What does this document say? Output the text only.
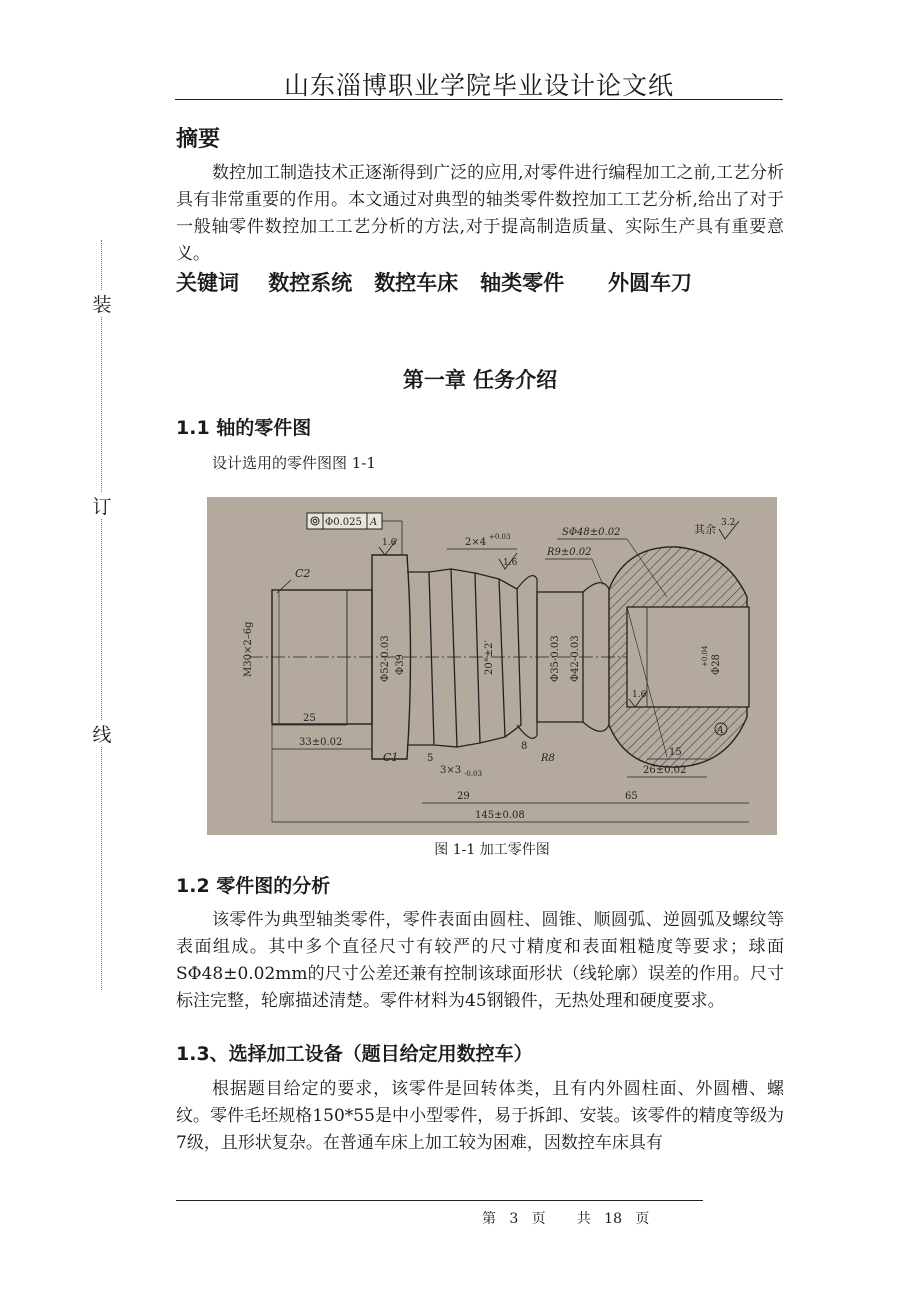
山东淄博职业学院毕业设计论文纸
装
订
线
摘要

数控加工制造技术正逐渐得到广泛的应用,对零件进行编程加工之前,工艺分析具有非常重要的作用。本文通过对典型的轴类零件数控加工工艺分析,给出了对于一般轴零件数控加工工艺分析的方法,对于提高制造质量、实际生产具有重要意义。

关键词 数控系统 数控车床 轴类零件 外圆车刀
第一章 任务介绍
1.1 轴的零件图
设计选用的零件图图 1-1
Φ0.025 A
1.6
1.6
1.6
其余 3.2
C2
2×4 +0.03	SΦ48±0.02
R9±0.02
M30×2–6g	Φ52-0.03 Φ39	20°±2′	Φ35-0.03 Φ42-0.03	Φ28
+0.04
A
25
33±0.02
C1	5
3×3 -0.03
8
R8
29	65
15
26±0.02
145±0.08
图 1-1 加工零件图
1.2 零件图的分析

该零件为典型轴类零件，零件表面由圆柱、圆锥、顺圆弧、逆圆弧及螺纹等表面组成。其中多个直径尺寸有较严的尺寸精度和表面粗糙度等要求；球面SΦ48±0.02mm的尺寸公差还兼有控制该球面形状（线轮廓）误差的作用。尺寸标注完整，轮廓描述清楚。零件材料为45钢锻件，无热处理和硬度要求。

1.3、选择加工设备（题目给定用数控车）

根据题目给定的要求，该零件是回转体类，且有内外圆柱面、外圆槽、螺纹。零件毛坯规格150*55是中小型零件，易于拆卸、安装。该零件的精度等级为7级，且形状复杂。在普通车床上加工较为困难，因数控车床具有

第 3 页 共 18 页
